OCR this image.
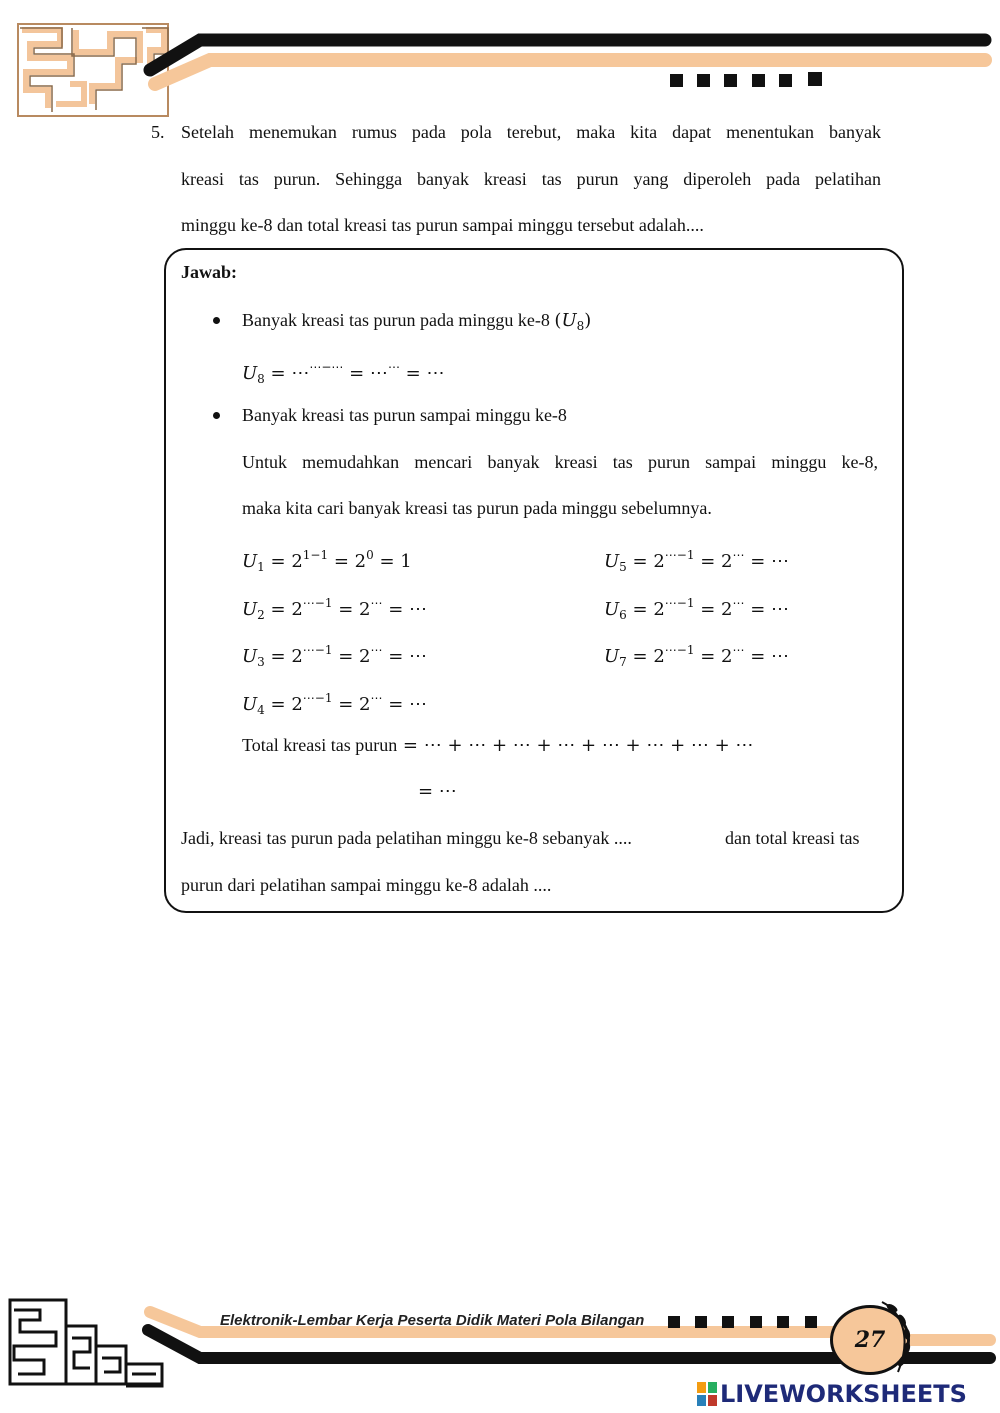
5. Setelah menemukan rumus pada pola terebut, maka kita dapat menentukan banyak
kreasi tas purun. Sehingga banyak kreasi tas purun yang diperoleh pada pelatihan
minggu ke-8 dan total kreasi tas purun sampai minggu tersebut adalah....
Jawab:
Banyak kreasi tas purun pada minggu ke-8 $(U_8)$
$U_8$ = ⋯⋯−⋯ = ⋯⋯ = ⋯
Banyak kreasi tas purun sampai minggu ke-8
Untuk memudahkan mencari banyak kreasi tas purun sampai minggu ke-8,
maka kita cari banyak kreasi tas purun pada minggu sebelumnya.
$U_1 = 2^{1-1} = 2^0 = 1$
$U_2 = 2^{\cdots-1} = 2^\cdots$ = ⋯
$U_3 = 2^{\cdots-1} = 2^\cdots$ = ⋯
$U_4 = 2^{\cdots-1} = 2^\cdots$ = ⋯
$U_5 = 2^{\cdots-1} = 2^\cdots$ = ⋯
$U_6 = 2^{\cdots-1} = 2^\cdots$ = ⋯
$U_7 = 2^{\cdots-1} = 2^\cdots$ = ⋯
Total kreasi tas purun = ⋯ + ⋯ + ⋯ + ⋯ + ⋯ + ⋯ + ⋯ + ⋯
= ⋯
Jadi, kreasi tas purun pada pelatihan minggu ke-8 sebanyak ....	dan total kreasi tas
purun dari pelatihan sampai minggu ke-8 adalah ....
Elektronik-Lembar Kerja Peserta Didik Materi Pola Bilangan
27
LIVEWORKSHEETS
